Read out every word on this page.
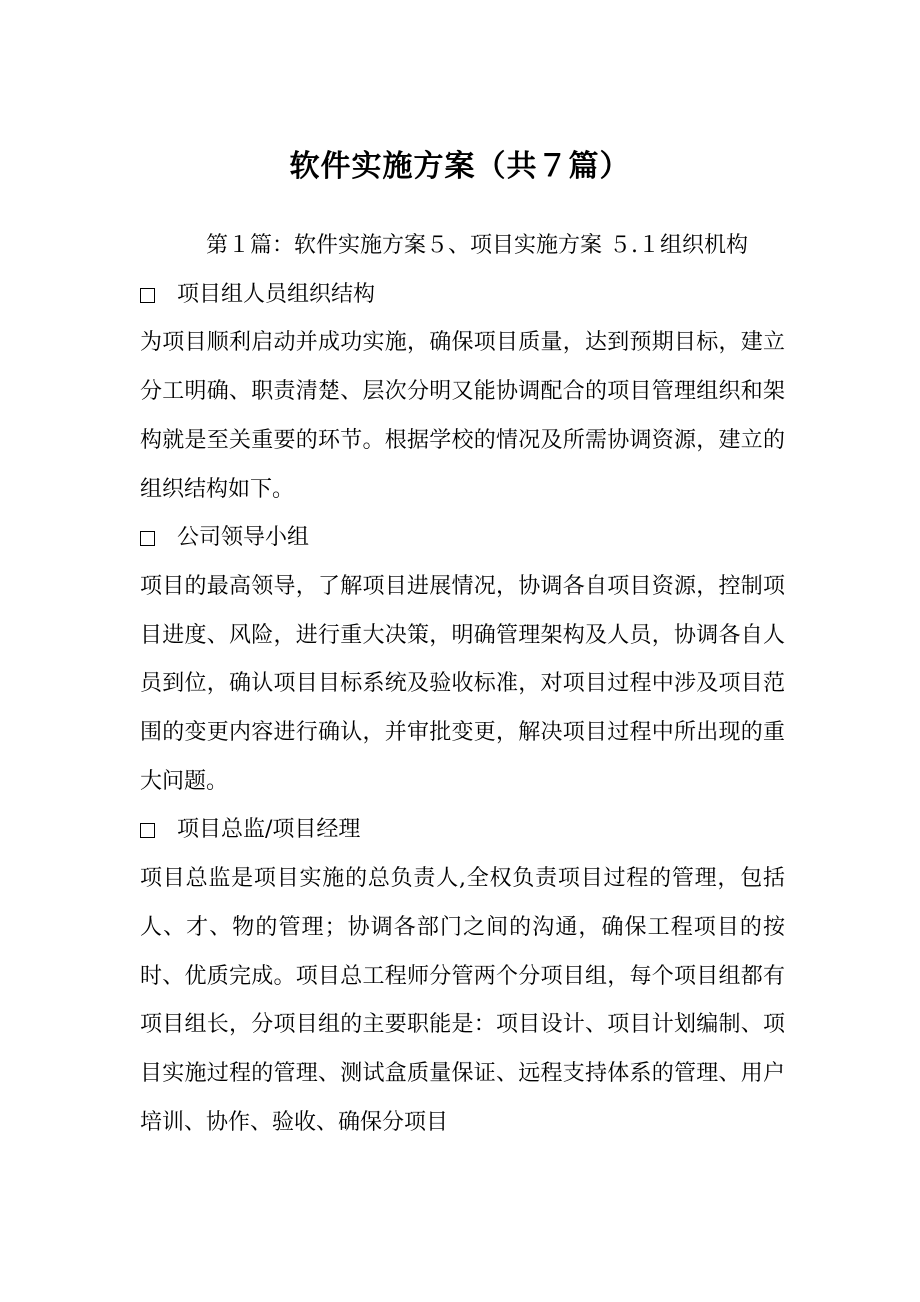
软件实施方案（共７篇）

第１篇：软件实施方案５、项目实施方案 ５.１组织机构

项目组人员组织结构

为项目顺利启动并成功实施，确保项目质量，达到预期目标，建立分工明确、职责清楚、层次分明又能协调配合的项目管理组织和架构就是至关重要的环节。根据学校的情况及所需协调资源，建立的组织结构如下。

公司领导小组

项目的最高领导，了解项目进展情况，协调各自项目资源，控制项目进度、风险，进行重大决策，明确管理架构及人员，协调各自人员到位，确认项目目标系统及验收标准，对项目过程中涉及项目范围的变更内容进行确认，并审批变更，解决项目过程中所出现的重大问题。

项目总监/项目经理

项目总监是项目实施的总负责人,全权负责项目过程的管理，包括人、才、物的管理；协调各部门之间的沟通，确保工程项目的按时、优质完成。项目总工程师分管两个分项目组，每个项目组都有项目组长，分项目组的主要职能是：项目设计、项目计划编制、项目实施过程的管理、测试盒质量保证、远程支持体系的管理、用户培训、协作、验收、确保分项目
